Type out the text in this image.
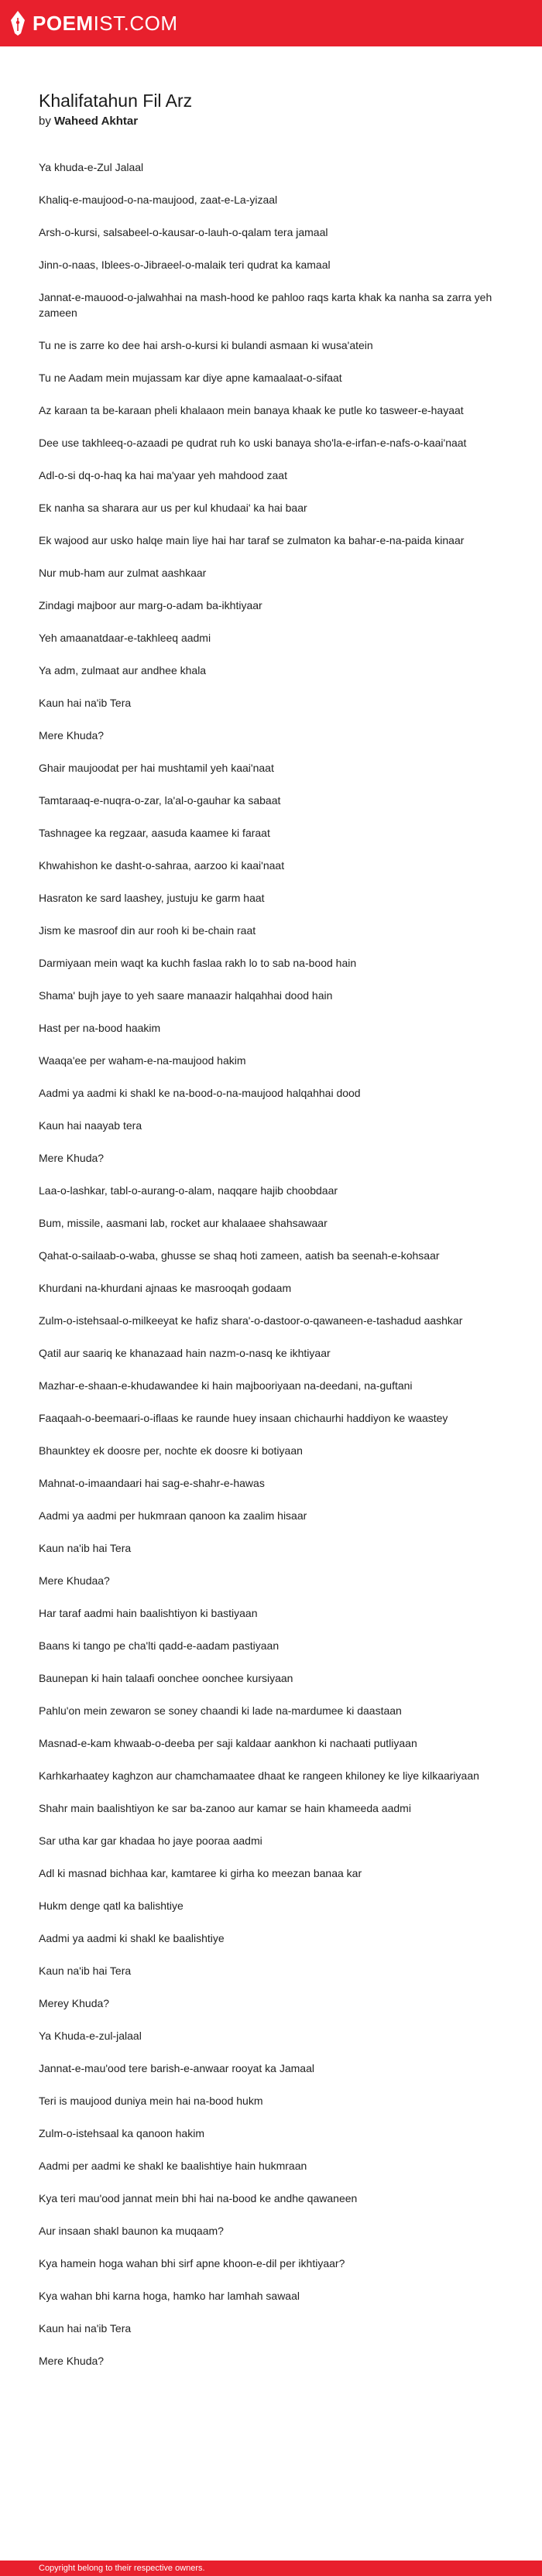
POEM IST.COM
Khalifatahun Fil Arz

by Waheed Akhtar

Ya khuda-e-Zul Jalaal
Khaliq-e-maujood-o-na-maujood, zaat-e-La-yizaal
Arsh-o-kursi, salsabeel-o-kausar-o-lauh-o-qalam tera jamaal
Jinn-o-naas, Iblees-o-Jibraeel-o-malaik teri qudrat ka kamaal
Jannat-e-mauood-o-jalwahhai na mash-hood ke pahloo raqs karta khak ka nanha sa zarra yeh zameen
Tu ne is zarre ko dee hai arsh-o-kursi ki bulandi asmaan ki wusa'atein
Tu ne Aadam mein mujassam kar diye apne kamaalaat-o-sifaat
Az karaan ta be-karaan pheli khalaaon mein banaya khaak ke putle ko tasweer-e-hayaat
Dee use takhleeq-o-azaadi pe qudrat ruh ko uski banaya sho'la-e-irfan-e-nafs-o-kaai'naat
Adl-o-si dq-o-haq ka hai ma'yaar yeh mahdood zaat
Ek nanha sa sharara aur us per kul khudaai' ka hai baar
Ek wajood aur usko halqe main liye hai har taraf se zulmaton ka bahar-e-na-paida kinaar
Nur mub-ham aur zulmat aashkaar
Zindagi majboor aur marg-o-adam ba-ikhtiyaar
Yeh amaanatdaar-e-takhleeq aadmi
Ya adm, zulmaat aur andhee khala
Kaun hai na'ib Tera
Mere Khuda?
Ghair maujoodat per hai mushtamil yeh kaai'naat
Tamtaraaq-e-nuqra-o-zar, la'al-o-gauhar ka sabaat
Tashnagee ka regzaar, aasuda kaamee ki faraat
Khwahishon ke dasht-o-sahraa, aarzoo ki kaai'naat
Hasraton ke sard laashey, justuju ke garm haat
Jism ke masroof din aur rooh ki be-chain raat
Darmiyaan mein waqt ka kuchh faslaa rakh lo to sab na-bood hain
Shama' bujh jaye to yeh saare manaazir halqahhai dood hain
Hast per na-bood haakim
Waaqa'ee per waham-e-na-maujood hakim
Aadmi ya aadmi ki shakl ke na-bood-o-na-maujood halqahhai dood
Kaun hai naayab tera
Mere Khuda?
Laa-o-lashkar, tabl-o-aurang-o-alam, naqqare hajib choobdaar
Bum, missile, aasmani lab, rocket aur khalaaee shahsawaar
Qahat-o-sailaab-o-waba, ghusse se shaq hoti zameen, aatish ba seenah-e-kohsaar
Khurdani na-khurdani ajnaas ke masrooqah godaam
Zulm-o-istehsaal-o-milkeeyat ke hafiz shara'-o-dastoor-o-qawaneen-e-tashadud aashkar
Qatil aur saariq ke khanazaad hain nazm-o-nasq ke ikhtiyaar
Mazhar-e-shaan-e-khudawandee ki hain majbooriyaan na-deedani, na-guftani
Faaqaah-o-beemaari-o-iflaas ke raunde huey insaan chichaurhi haddiyon ke waastey
Bhaunktey ek doosre per, nochte ek doosre ki botiyaan
Mahnat-o-imaandaari hai sag-e-shahr-e-hawas
Aadmi ya aadmi per hukmraan qanoon ka zaalim hisaar
Kaun na'ib hai Tera
Mere Khudaa?
Har taraf aadmi hain baalishtiyon ki bastiyaan
Baans ki tango pe cha'lti qadd-e-aadam pastiyaan
Baunepan ki hain talaafi oonchee oonchee kursiyaan
Pahlu'on mein zewaron se soney chaandi ki lade na-mardumee ki daastaan
Masnad-e-kam khwaab-o-deeba per saji kaldaar aankhon ki nachaati putliyaan
Karhkarhaatey kaghzon aur chamchamaatee dhaat ke rangeen khiloney ke liye kilkaariyaan
Shahr main baalishtiyon ke sar ba-zanoo aur kamar se hain khameeda aadmi
Sar utha kar gar khadaa ho jaye pooraa aadmi
Adl ki masnad bichhaa kar, kamtaree ki girha ko meezan banaa kar
Hukm denge qatl ka balishtiye
Aadmi ya aadmi ki shakl ke baalishtiye
Kaun na'ib hai Tera
Merey Khuda?
Ya Khuda-e-zul-jalaal
Jannat-e-mau'ood tere barish-e-anwaar rooyat ka Jamaal
Teri is maujood duniya mein hai na-bood hukm
Zulm-o-istehsaal ka qanoon hakim
Aadmi per aadmi ke shakl ke baalishtiye hain hukmraan
Kya teri mau'ood jannat mein bhi hai na-bood ke andhe qawaneen
Aur insaan shakl baunon ka muqaam?
Kya hamein hoga wahan bhi sirf apne khoon-e-dil per ikhtiyaar?
Kya wahan bhi karna hoga, hamko har lamhah sawaal
Kaun hai na'ib Tera
Mere Khuda?
Copyright belong to their respective owners.
